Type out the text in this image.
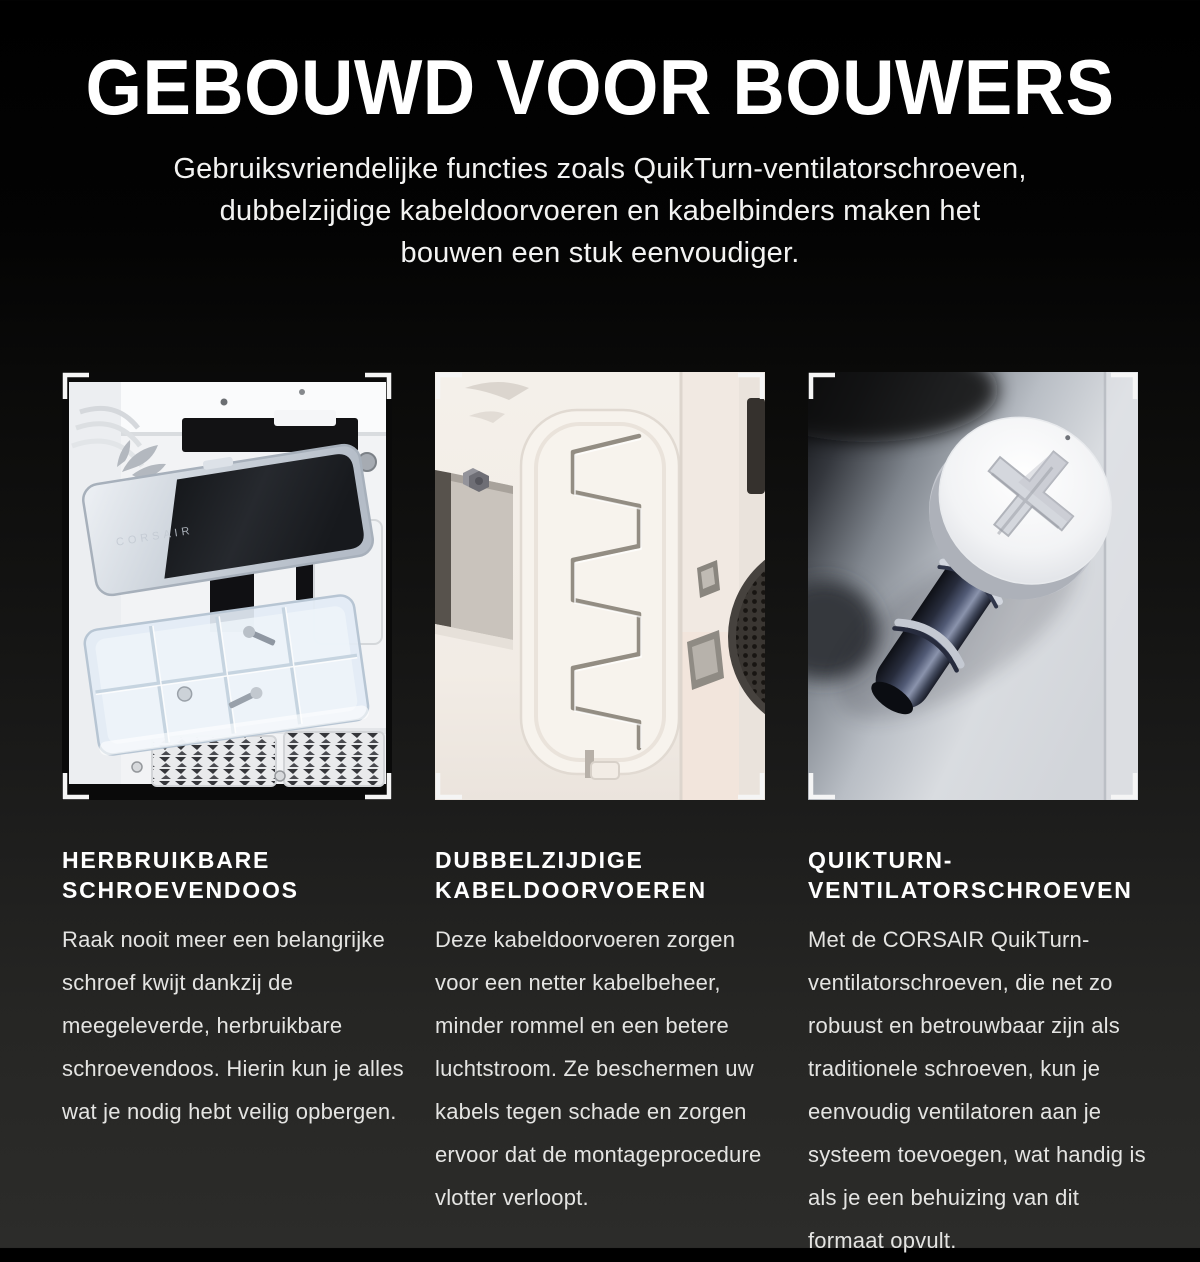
GEBOUWD VOOR BOUWERS
Gebruiksvriendelijke functies zoals QuikTurn-ventilatorschroeven,
dubbelzijdige kabeldoorvoeren en kabelbinders maken het
bouwen een stuk eenvoudiger.
CORSAIR
HERBRUIKBARE SCHROEVENDOOS

Raak nooit meer een belangrijke schroef kwijt dankzij de meegeleverde, herbruikbare schroevendoos. Hierin kun je alles wat je nodig hebt veilig opbergen.

DUBBELZIJDIGE KABELDOORVOEREN

Deze kabeldoorvoeren zorgen voor een netter kabelbeheer, minder rommel en een betere luchtstroom. Ze beschermen uw kabels tegen schade en zorgen ervoor dat de montageprocedure vlotter verloopt.

QUIKTURN-VENTILATORSCHROEVEN

Met de CORSAIR QuikTurn-ventilatorschroeven, die net zo robuust en betrouwbaar zijn als traditionele schroeven, kun je eenvoudig ventilatoren aan je systeem toevoegen, wat handig is als je een behuizing van dit formaat opvult.
